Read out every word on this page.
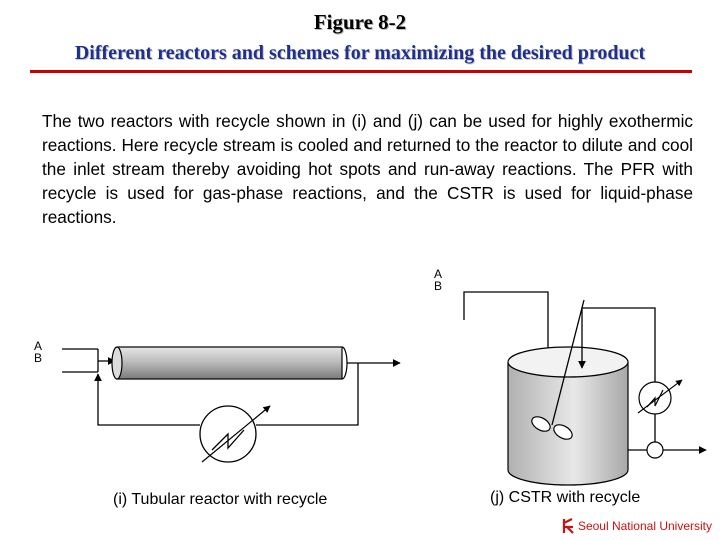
Figure 8-2
Different reactors and schemes for maximizing the desired product
The two reactors with recycle shown in (i) and (j) can be used for highly exothermic reactions. Here recycle stream is cooled and returned to the reactor to dilute and cool the inlet stream thereby avoiding hot spots and run-away reactions. The PFR with recycle is used for gas-phase reactions, and the CSTR is used for liquid-phase reactions.
A
B
A
B
(i) Tubular reactor with recycle	(j) CSTR with recycle
Seoul National University
